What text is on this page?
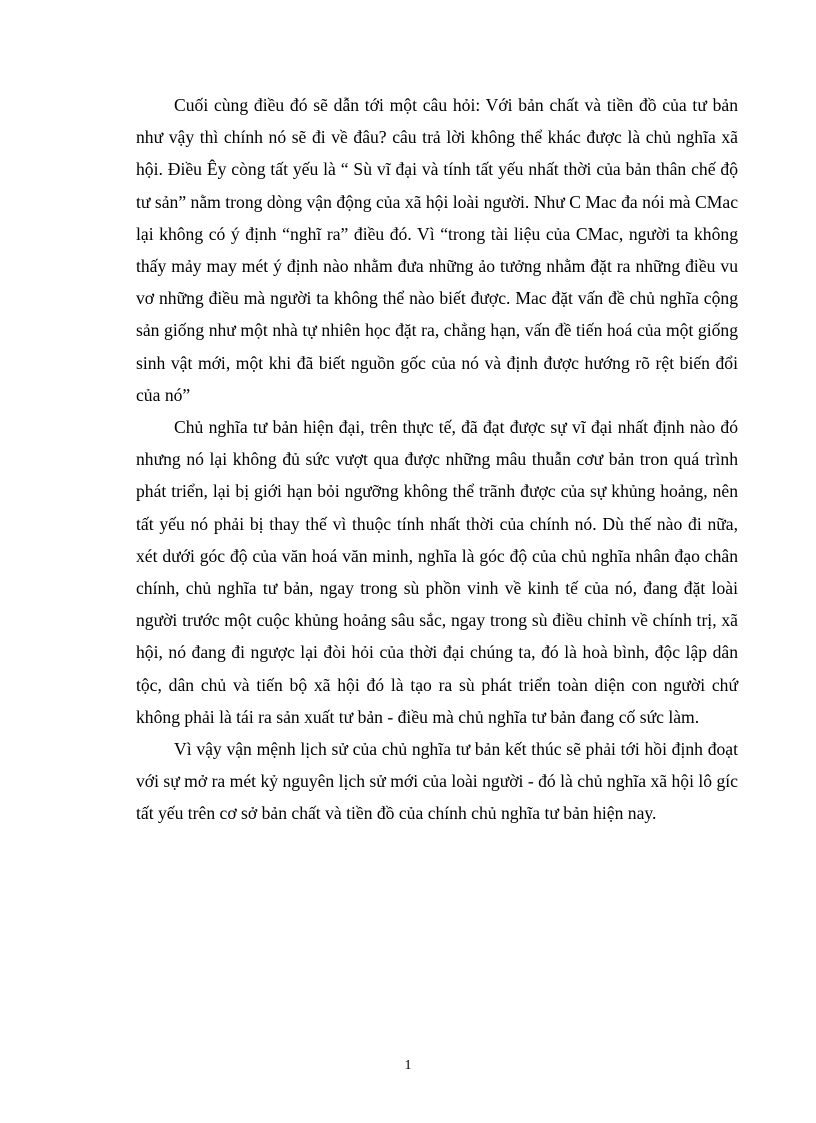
Cuối cùng điều đó sẽ dẫn tới một câu hỏi: Với bản chất và tiền đồ của tư bản như vậy thì chính nó sẽ đi về đâu? câu trả lời không thể khác được là chủ nghĩa xã hội. Điều Êy còng tất yếu là “ Sù vĩ đại và tính tất yếu nhất thời của bản thân chế độ tư sản” nằm trong dòng vận động của xã hội loài người. Như C Mac đa nói mà CMac lại không có ý định “nghĩ ra” điều đó. Vì “trong tài liệu của CMac, người ta không thấy mảy may mét ý định nào nhằm đưa những ảo tưởng nhằm đặt ra những điều vu vơ những điều mà người ta không thể nào biết được. Mac đặt vấn đề chủ nghĩa cộng sản giống như một nhà tự nhiên học đặt ra, chẳng hạn, vấn đề tiến hoá của một giống sinh vật mới, một khi đã biết nguồn gốc của nó và định được hướng rõ rệt biến đổi của nó”

Chủ nghĩa tư bản hiện đại, trên thực tế, đã đạt được sự vĩ đại nhất định nào đó nhưng nó lại không đủ sức vượt qua được những mâu thuẫn cơư bản tron quá trình phát triển, lại bị giới hạn bỏi ngưỡng không thể trãnh được của sự khủng hoảng, nên tất yếu nó phải bị thay thế vì thuộc tính nhất thời của chính nó. Dù thế nào đi nữa, xét dưới góc độ của văn hoá văn minh, nghĩa là góc độ của chủ nghĩa nhân đạo chân chính, chủ nghĩa tư bản, ngay trong sù phồn vinh về kinh tế của nó, đang đặt loài người trước một cuộc khủng hoảng sâu sắc, ngay trong sù điều chỉnh về chính trị, xã hội, nó đang đi ngược lại đòi hỏi của thời đại chúng ta, đó là hoà bình, độc lập dân tộc, dân chủ và tiến bộ xã hội đó là tạo ra sù phát triển toàn diện con người chứ không phải là tái ra sản xuất tư bản - điều mà chủ nghĩa tư bản đang cố sức làm.

Vì vậy vận mệnh lịch sử của chủ nghĩa tư bản kết thúc sẽ phải tới hồi định đoạt với sự mở ra mét kỷ nguyên lịch sử mới của loài người - đó là chủ nghĩa xã hội lô gíc tất yếu trên cơ sở bản chất và tiền đồ của chính chủ nghĩa tư bản hiện nay.

1
